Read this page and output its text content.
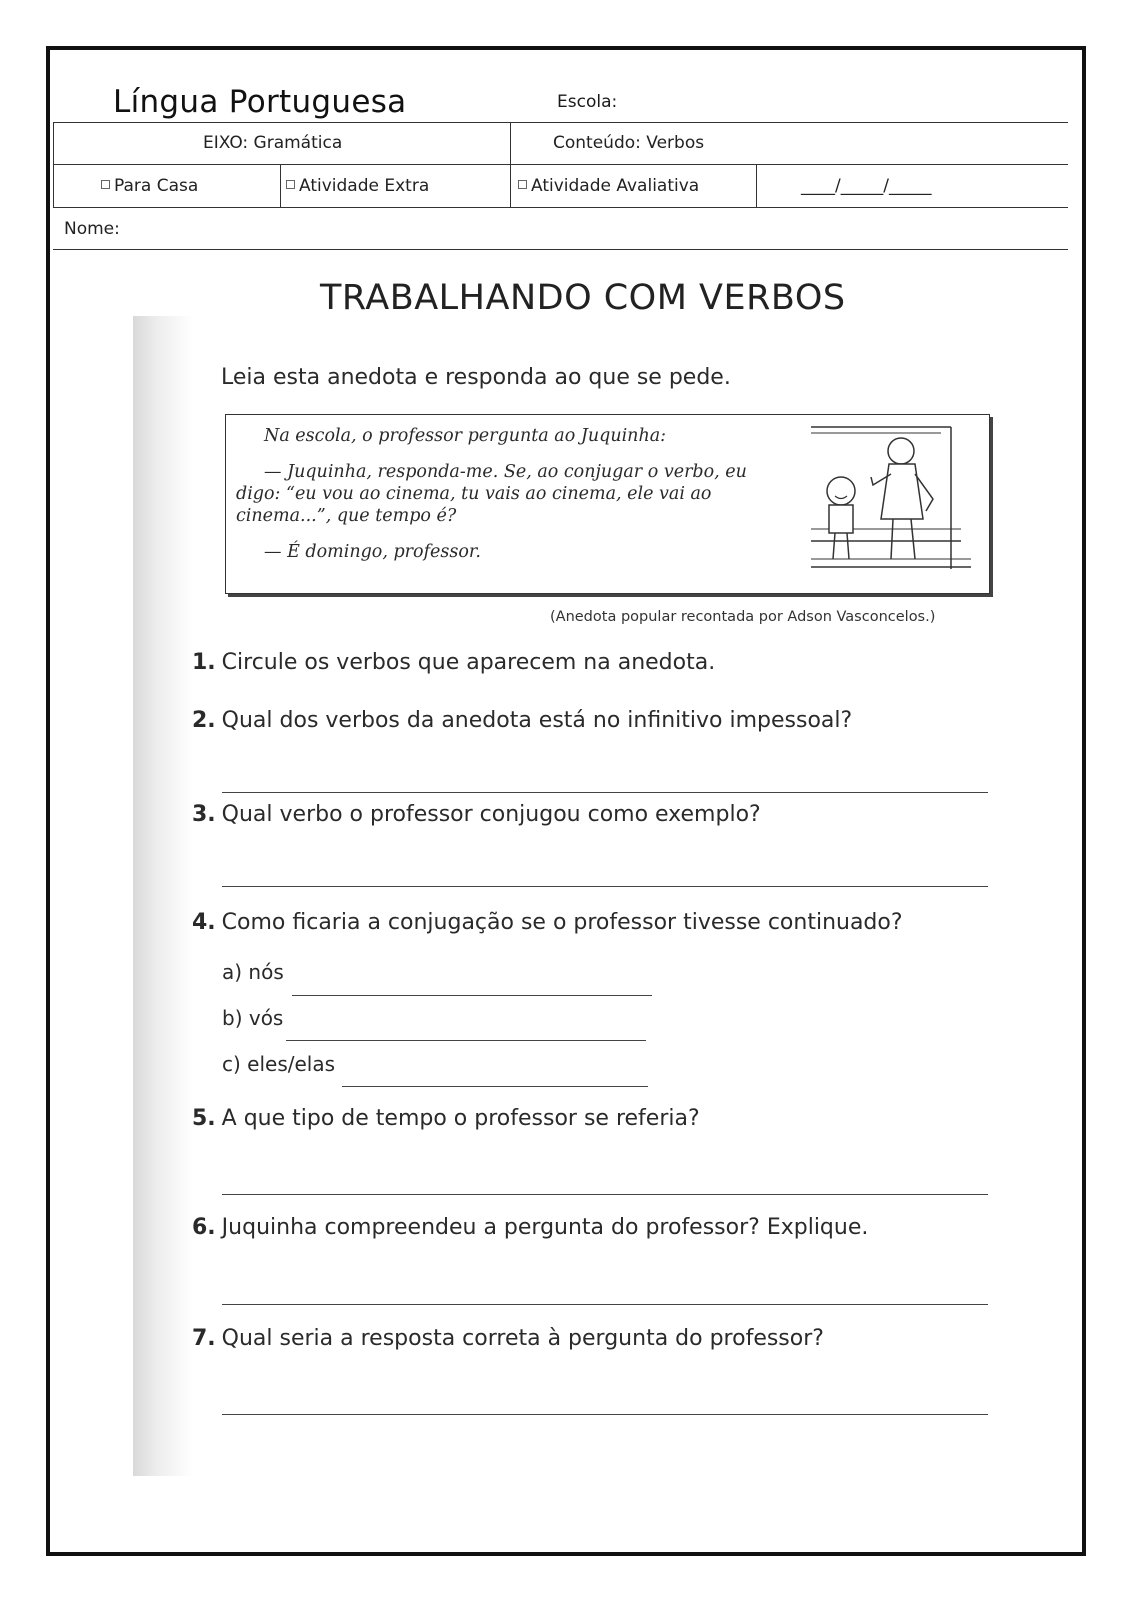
Língua Portuguesa	Escola:
EIXO: Gramática	Conteúdo: Verbos
Para Casa	Atividade Extra	Atividade Avaliativa	____/_____/_____
Nome:
TRABALHANDO COM VERBOS
Leia esta anedota e responda ao que se pede.

Na escola, o professor pergunta ao Juquinha:

— Juquinha, responda-me. Se, ao conjugar o verbo, eu digo: “eu vou ao cinema, tu vais ao cinema, ele vai ao cinema...”, que tempo é?

— É domingo, professor.

(Anedota popular recontada por Adson Vasconcelos.)
1. Circule os verbos que aparecem na anedota.
2. Qual dos verbos da anedota está no infinitivo impessoal?
3. Qual verbo o professor conjugou como exemplo?
4. Como ficaria a conjugação se o professor tivesse continuado?
a) nós
b) vós
c) eles/elas
5. A que tipo de tempo o professor se referia?
6. Juquinha compreendeu a pergunta do professor? Explique.
7. Qual seria a resposta correta à pergunta do professor?
